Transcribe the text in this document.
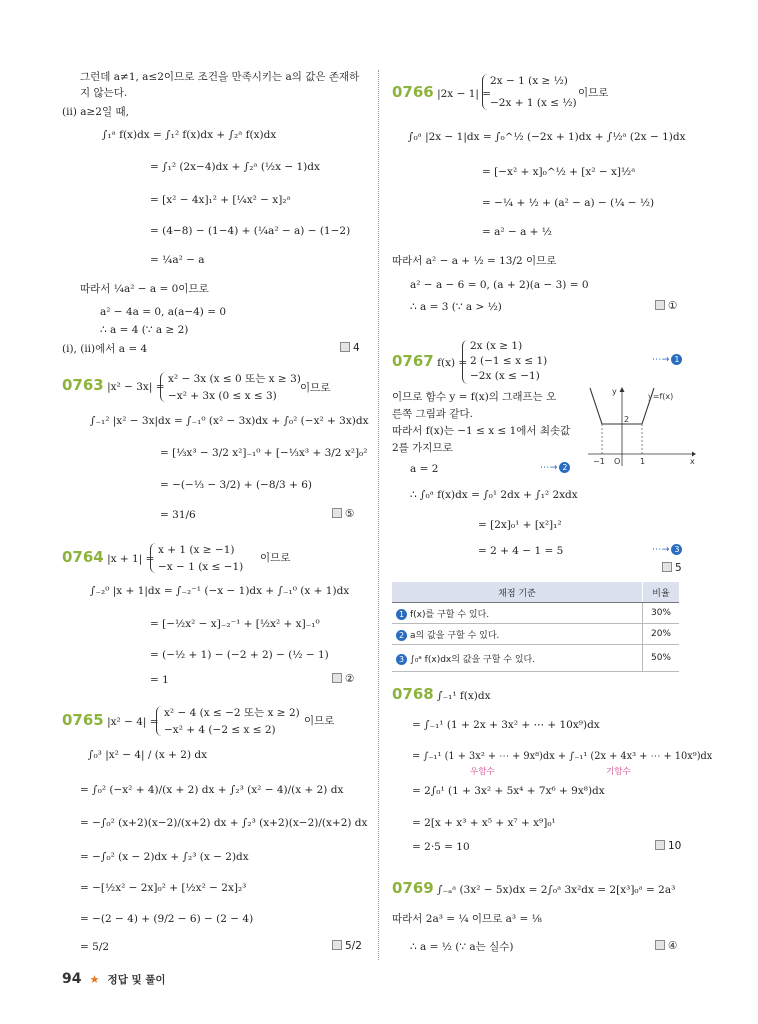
그런데 a≠1, a≤2이므로 조건을 만족시키는 a의 값은 존재하
지 않는다.
(ii) a≥2일 때,
∫₁ᵃ f(x)dx = ∫₁² f(x)dx + ∫₂ᵃ f(x)dx
= ∫₁² (2x−4)dx + ∫₂ᵃ (½x − 1)dx
= [x² − 4x]₁² + [¼x² − x]₂ᵃ
= (4−8) − (1−4) + (¼a² − a) − (1−2)
= ¼a² − a
따라서 ¼a² − a = 0이므로
a² − 4a = 0, a(a−4) = 0
∴ a = 4 (∵ a ≥ 2)
(i), (ii)에서 a = 4	4
0763 |x² − 3x| =
x² − 3x (x ≤ 0 또는 x ≥ 3)
−x² + 3x (0 ≤ x ≤ 3)
이므로
∫₋₁² |x² − 3x|dx = ∫₋₁⁰ (x² − 3x)dx + ∫₀² (−x² + 3x)dx
= [⅓x³ − 3/2 x²]₋₁⁰ + [−⅓x³ + 3/2 x²]₀²
= −(−⅓ − 3/2) + (−8/3 + 6)
= 31/6	⑤
0764 |x + 1| =
x + 1 (x ≥ −1)
−x − 1 (x ≤ −1)
이므로
∫₋₂⁰ |x + 1|dx = ∫₋₂⁻¹ (−x − 1)dx + ∫₋₁⁰ (x + 1)dx
= [−½x² − x]₋₂⁻¹ + [½x² + x]₋₁⁰
= (−½ + 1) − (−2 + 2) − (½ − 1)
= 1	②
0765 |x² − 4| =
x² − 4 (x ≤ −2 또는 x ≥ 2)
−x² + 4 (−2 ≤ x ≤ 2)
이므로
∫₀³ |x² − 4| / (x + 2) dx
= ∫₀² (−x² + 4)/(x + 2) dx + ∫₂³ (x² − 4)/(x + 2) dx
= −∫₀² (x+2)(x−2)/(x+2) dx + ∫₂³ (x+2)(x−2)/(x+2) dx
= −∫₀² (x − 2)dx + ∫₂³ (x − 2)dx
= −[½x² − 2x]₀² + [½x² − 2x]₂³
= −(2 − 4) + (9/2 − 6) − (2 − 4)
= 5/2	5/2
0766 |2x − 1| =
2x − 1 (x ≥ ½)
−2x + 1 (x ≤ ½)
이므로
∫₀ᵃ |2x − 1|dx = ∫₀^½ (−2x + 1)dx + ∫½ᵃ (2x − 1)dx
= [−x² + x]₀^½ + [x² − x]½ᵃ
= −¼ + ½ + (a² − a) − (¼ − ½)
= a² − a + ½
따라서 a² − a + ½ = 13/2 이므로
a² − a − 6 = 0, (a + 2)(a − 3) = 0
∴ a = 3 (∵ a > ½)	①
0767 f(x) =
2x (x ≥ 1)
2 (−1 ≤ x ≤ 1)
−2x (x ≤ −1)
⋯→ 1
이므로 함수 y = f(x)의 그래프는 오
른쪽 그림과 같다.
따라서 f(x)는 −1 ≤ x ≤ 1에서 최솟값
2를 가지므로
a = 2	⋯→ 2
∴ ∫₀ᵃ f(x)dx = ∫₀¹ 2dx + ∫₁² 2xdx
= [2x]₀¹ + [x²]₁²
= 2 + 4 − 1 = 5	⋯→ 3
5
y
x
y=f(x)
2
−1 O 1
채점 기준	비율
1 f(x)를 구할 수 있다.	30%
2 a의 값을 구할 수 있다.	20%
3 ∫₀ᵃ f(x)dx의 값을 구할 수 있다.	50%
0768 ∫₋₁¹ f(x)dx
= ∫₋₁¹ (1 + 2x + 3x² + ⋯ + 10x⁹)dx
= ∫₋₁¹ (1 + 3x² + ⋯ + 9x⁸)dx + ∫₋₁¹ (2x + 4x³ + ⋯ + 10x⁹)dx
우함수	기함수
= 2∫₀¹ (1 + 3x² + 5x⁴ + 7x⁶ + 9x⁸)dx
= 2[x + x³ + x⁵ + x⁷ + x⁹]₀¹
= 2·5 = 10	10
0769 ∫₋ₐᵃ (3x² − 5x)dx = 2∫₀ᵃ 3x²dx = 2[x³]₀ᵃ = 2a³
따라서 2a³ = ¼ 이므로 a³ = ⅛
∴ a = ½ (∵ a는 실수)	④
94 ★ 정답 및 풀이
